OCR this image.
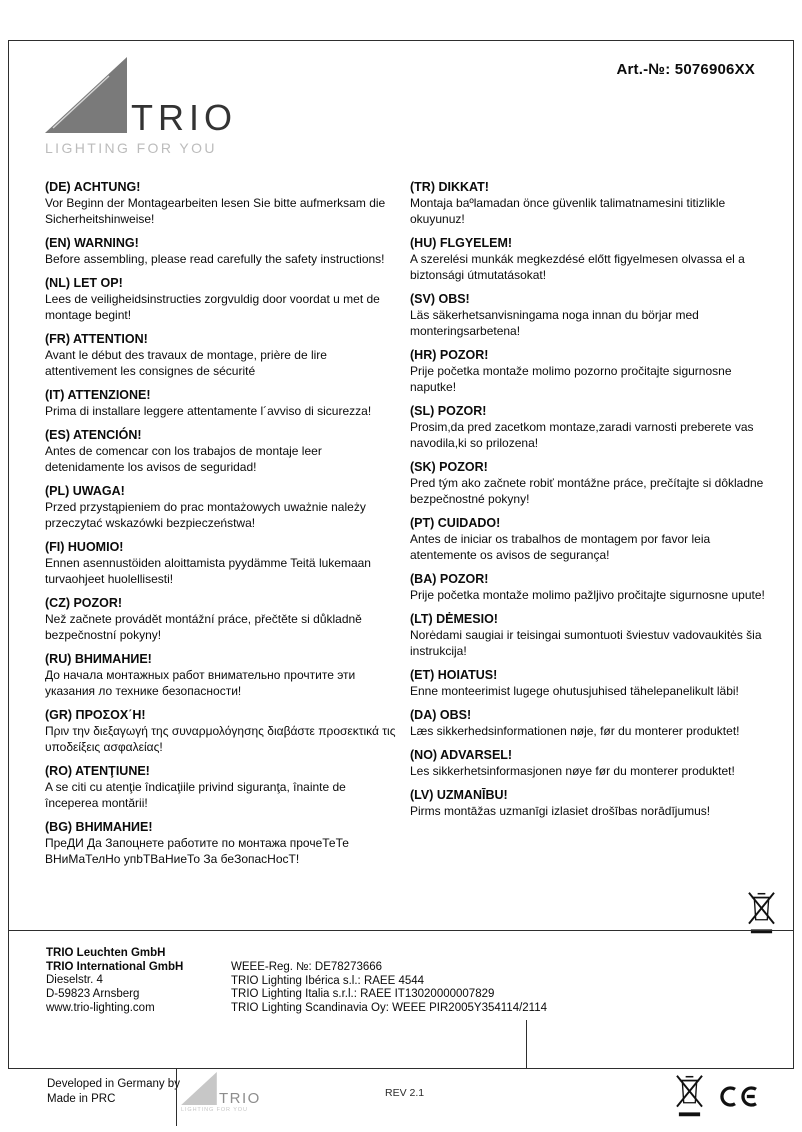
Art.-№: 5076906XX
TRIO
LIGHTING FOR YOU
(DE) ACHTUNG!

Vor Beginn der Montagearbeiten lesen Sie bitte aufmerksam die Sicherheitshinweise!

(EN) WARNING!

Before assembling, please read carefully the safety instructions!

(NL) LET OP!

Lees de veiligheidsinstructies zorgvuldig door voordat u met de montage begint!

(FR) ATTENTION!

Avant le début des travaux de montage, prière de lire attentivement les consignes de sécurité

(IT) ATTENZIONE!

Prima di installare leggere attentamente l´avviso di sicurezza!

(ES) ATENCIÓN!

Antes de comencar con los trabajos de montaje leer detenidamente los avisos de seguridad!

(PL) UWAGA!

Przed przystąpieniem do prac montażowych uważnie należy przeczytać wskazówki bezpieczeństwa!

(FI) HUOMIO!

Ennen asennustöiden aloittamista pyydämme Teitä lukemaan turvaohjeet huolellisesti!

(CZ) POZOR!

Než začnete provádět montážní práce, přečtěte si důkladně bezpečnostní pokyny!

(RU) ВНИМАНИЕ!

До начала монтажных работ внимательно прочтите эти указания ло технике безопасности!

(GR) ΠΡΟΣΟΧ΄Η!

Πριν την διεξαγωγή της συναρμολόγησης διαβάστε προσεκτικά τις υποδείξεις ασφαλείας!

(RO) ATENŢIUNE!

A se citi cu atenţie îndicaţiile privind siguranţa, înainte de începerea montării!

(BG) ВНИМАНИЕ!

ПреДИ Да Запоцнете работите по монтажа прочеТеТе ВНиМаТелНо упbТВаНиеТо За беЗопасНосТ!

(TR) DIKKAT!

Montaja baºlamadan önce güvenlik talimatnamesini titizlikle okuyunuz!

(HU) FLGYELEM!

A szerelési munkák megkezdésé előtt figyelmesen olvassa el a biztonsági útmutatásokat!

(SV) OBS!

Läs säkerhetsanvisningama noga innan du börjar med monteringsarbetena!

(HR) POZOR!

Prije početka montaže molimo pozorno pročitajte sigurnosne naputke!

(SL) POZOR!

Prosim,da pred zacetkom montaze,zaradi varnosti preberete vas navodila,ki so prilozena!

(SK) POZOR!

Pred tým ako začnete robiť montážne práce, prečítajte si dôkladne bezpečnostné pokyny!

(PT) CUIDADO!

Antes de iniciar os trabalhos de montagem por favor leia atentemente os avisos de segurança!

(BA) POZOR!

Prije početka montaže molimo pažljivo pročitajte sigurnosne upute!

(LT) DĖMESIO!

Norėdami saugiai ir teisingai sumontuoti šviestuv vadovaukitės šia instrukcija!

(ET) HOIATUS!

Enne monteerimist lugege ohutusjuhised tähelepanelikult läbi!

(DA) OBS!

Læs sikkerhedsinformationen nøje, før du monterer produktet!

(NO) ADVARSEL!

Les sikkerhetsinformasjonen nøye før du monterer produktet!

(LV) UZMANĪBU!

Pirms montāžas uzmanīgi izlasiet drošības norādījumus!

TRIO Leuchten GmbH
TRIO International GmbH
Dieselstr. 4
D-59823 Arnsberg
www.trio-lighting.com
WEEE-Reg. №: DE78273666
TRIO Lighting Ibérica s.l.: RAEE 4544
TRIO Lighting Italia s.r.l.: RAEE IT13020000007829
TRIO Lighting Scandinavia Oy: WEEE PIR2005Y354114/2114
Developed in Germany by
Made in PRC	TRIO
LIGHTING FOR YOU
REV 2.1
